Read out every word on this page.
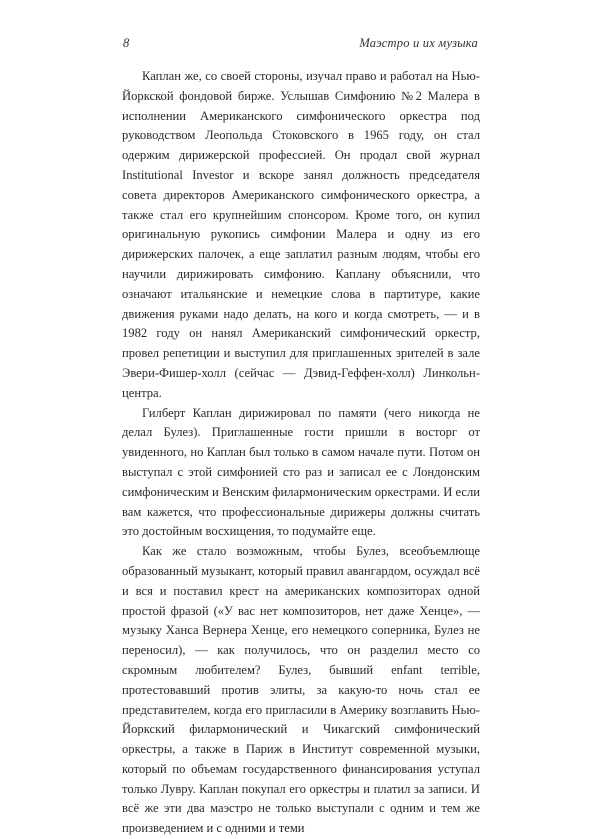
8	Маэстро и их музыка

Каплан же, со своей стороны, изучал право и работал на Нью-Йоркской фондовой бирже. Услышав Симфонию №2 Малера в исполнении Американского симфонического оркестра под руководством Леопольда Стоковского в 1965 году, он стал одержим дирижерской профессией. Он продал свой журнал Institutional Investor и вскоре занял должность председателя совета директоров Американского симфонического оркестра, а также стал его крупнейшим спонсором. Кроме того, он купил оригинальную рукопись симфонии Малера и одну из его дирижерских палочек, а еще заплатил разным людям, чтобы его научили дирижировать симфонию. Каплану объяснили, что означают итальянские и немецкие слова в партитуре, какие движения руками надо делать, на кого и когда смотреть, — и в 1982 году он нанял Американский симфонический оркестр, провел репетиции и выступил для приглашенных зрителей в зале Эвери-Фишер-холл (сейчас — Дэвид-Геффен-холл) Линкольн-центра.

Гилберт Каплан дирижировал по памяти (чего никогда не делал Булез). Приглашенные гости пришли в восторг от увиденного, но Каплан был только в самом начале пути. Потом он выступал с этой симфонией сто раз и записал ее с Лондонским симфоническим и Венским филармоническим оркестрами. И если вам кажется, что профессиональные дирижеры должны считать это достойным восхищения, то подумайте еще.

Как же стало возможным, чтобы Булез, всеобъемлюще образованный музыкант, который правил авангардом, осуждал всё и вся и поставил крест на американских композиторах одной простой фразой («У вас нет композиторов, нет даже Хенце», — музыку Ханса Вернера Хенце, его немецкого соперника, Булез не переносил), — как получилось, что он разделил место со скромным любителем? Булез, бывший enfant terrible, протестовавший против элиты, за какую-то ночь стал ее представителем, когда его пригласили в Америку возглавить Нью-Йоркский филармонический и Чикагский симфонический оркестры, а также в Париж в Институт современной музыки, который по объемам государственного финансирования уступал только Лувру. Каплан покупал его оркестры и платил за записи. И всё же эти два маэстро не только выступали с одним и тем же произведением и с одними и теми
